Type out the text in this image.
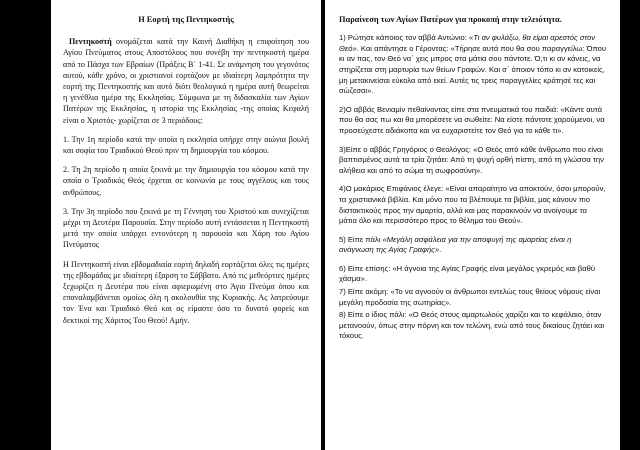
Η Εορτή της Πεντηκοστής

Πεντηκοστή ονομάζεται κατά την Καινή Διαθήκη η επιφοίτηση του Αγίου Πνεύματος στους Αποστόλους που συνέβη την πεντηκοστή ημέρα από το Πάσχα των Εβραίων (Πράξεις Β΄ 1-41. Σε ανάμνηση του γεγονότος αυτού, κάθε χρόνο, οι χριστιανοί εορτάζουν με ιδιαίτερη λαμπρότητα την εορτή της Πεντηκοστής και αυτό διότι θεολογικά η ημέρα αυτή θεωρείται η γενέθλια ημέρα της Εκκλησίας. Σύμφωνα με τη διδασκαλία των Αγίων Πατέρων της Εκκλησίας, η ιστορία της Εκκλησίας -της οποίας Κεφαλή είναι ο Χριστός- χωρίζεται σε 3 περιόδους:

1. Την 1η περίοδο κατά την οποία η εκκλησία υπήρχε στην αιώνια βουλή και σοφία του Τριαδικού Θεού πριν τη δημιουργία του κόσμου.

2. Τη 2η περίοδο η οποία ξεκινά με την δημιουργία του κόσμου κατά την οποία ο Τριαδικός Θεός έρχεται σε κοινωνία με τους αγγέλους και τους ανθρώπους.

3. Την 3η περίοδο που ξεκινά με τη Γέννηση του Χριστού και συνεχίζεται μέχρι τη Δευτέρα Παρουσία. Στην περίοδο αυτή εντάσσεται η Πεντηκοστή μετά την οποία υπάρχει εντονότερη η παρουσία και Χάρη του Αγίου Πνεύματος

Η Πεντηκοστή είναι εβδομαδιαία εορτή δηλαδή εορτάζεται όλες τις ημέρες της εβδομάδας με ιδιαίτερη έξαρση το Σάββατο. Από τις μεθεόρτιες ημέρες ξεχωρίζει η Δευτέρα που είναι αφιερωμένη στο Άγιο Πνεύμα όπου και επαναλαμβάνεται ομοίως όλη η ακολουθία της Κυριακής. Ας λατρεύουμε τον Ένα και Τριαδικό Θεό και ας είμαστε όσο το δυνατό φορείς και δεκτικοί της Χάριτος Του Θεού! Αμήν.

Παραίνεση των Αγίων Πατέρων για προκοπή στην τελειότητα.

1) Ρώτησε κάποιος τον αββά Αντώνιο: «Τι αν φυλάξω, θα είμαι αρεστός στον Θεό». Και απάντησε ο Γέροντας: «Τήρησε αυτά που θα σου παραγγείλω: Όπου κι αν πας, τον Θεό να΄ χεις μπρος στα μάτια σου πάντοτε. Ό,τι κι αν κάνεις, να στηρίζεται στη μαρτυρία των θείων Γραφών. Και σ΄ όποιον τόπο κι αν κατοικείς, μη μετακινείσαι εύκολα από εκεί. Αυτές τις τρεις παραγγελίες κράτησέ τες και σώζεσαι».

2)Ο αββάς Βενιαμίν πεθαίνοντας είπε στα πνευματικά του παιδιά: «Κάντε αυτά που θα σας πω και θα μπορέσετε να σωθείτε: Να είστε πάντοτε χαρούμενοι, να προσεύχεστε αδιάκοπα και να ευχαριστείτε τον Θεό για το κάθε τι».

3)Είπε ο αββάς Γρηγόριος ο Θεολόγος: «Ο Θεός από κάθε άνθρωπο που είναι βαπτισμένος αυτά τα τρία ζητάει: Από τη ψυχή ορθή πίστη, από τη γλώσσα την αλήθεια και από το σώμα τη σωφροσύνη».

4)Ο μακάριος Επιφάνιος έλεγε: «Είναι απαραίτητο να αποκτούν, όσοι μπορούν, τα χριστιανικά βιβλία. Και μόνο που τα βλέπουμε τα βιβλία, μας κάνουν πιο διστακτικούς προς την αμαρτία, αλλά και μας παρακινούν να ανοίγουμε τα μάτια όλο και περισσότερο προς το θέλημα του Θεού».

5) Είπε πάλι «Μεγάλη ασφάλεια για την αποφυγή της αμαρτίας είναι η ανάγνωση της Αγίας Γραφής».

6) Είπε επίσης: «Η άγνοια της Αγίας Γραφής είναι μεγάλος γκρεμός και βαθύ χάσμα».

7) Είπε ακόμη: «Το να αγνοούν οι άνθρωποι εντελώς τους θείους νόμους είναι μεγάλη προδοσία της σωτηρίας».

8) Είπε ο ίδιος πάλι: «Ο Θεός στους αμαρτωλούς χαρίζει και το κεφάλαιο, όταν μετανοούν, όπως στην πόρνη και τον τελώνη, ενώ από τους δικαίους ζητάει και τόκους.
